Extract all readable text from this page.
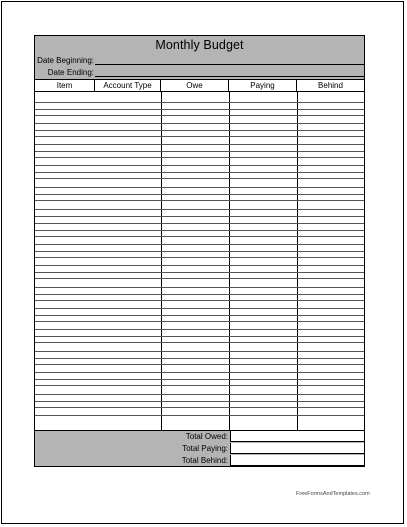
Monthly Budget
Date Beginning:
Date Ending:
Item	Account Type	Owe	Paying	Behind
Total Owed:
Total Paying:
Total Behind:
FreeFormsAndTemplates.com
